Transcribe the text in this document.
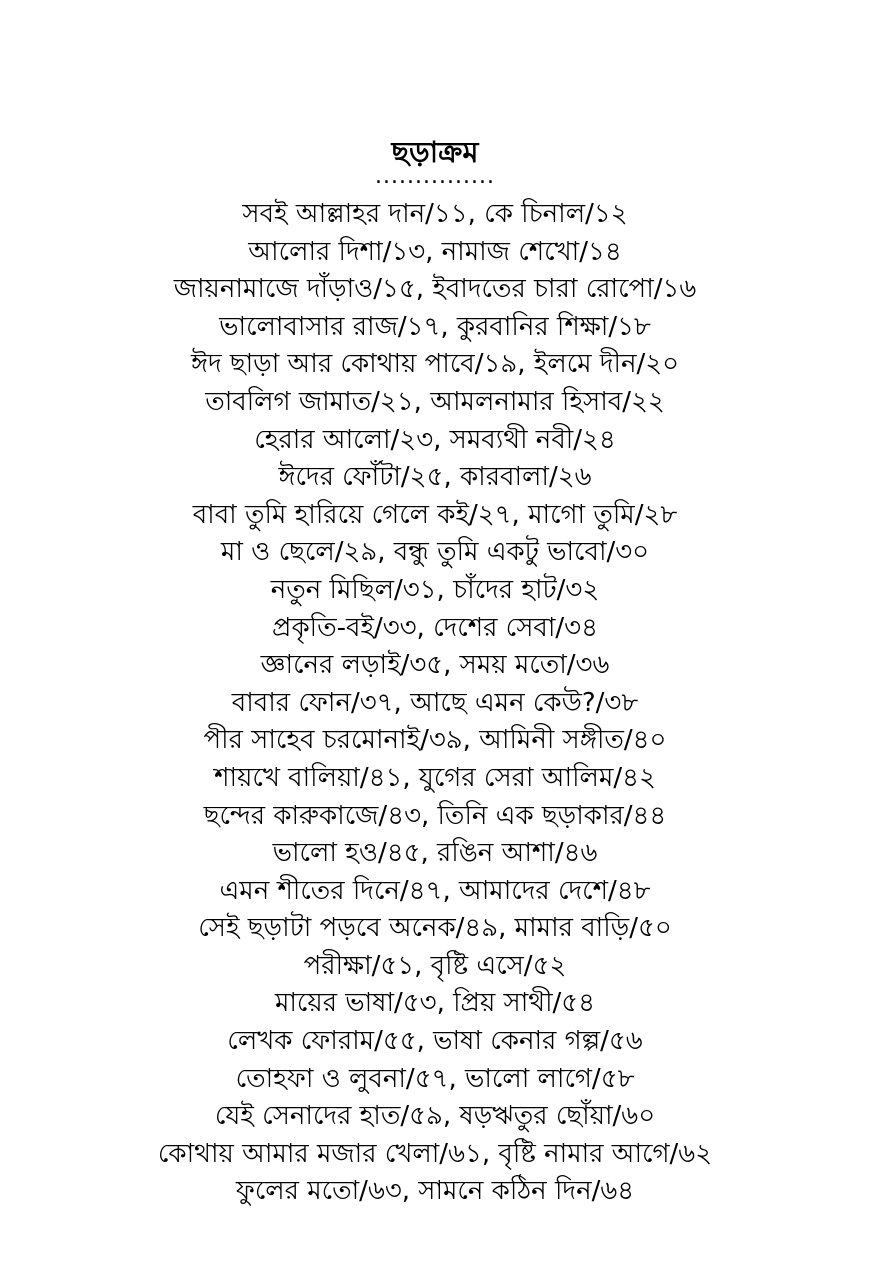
ছড়াক্রম
...............
সবই আল্লাহর দান/১১, কে চিনাল/১২
আলোর দিশা/১৩, নামাজ শেখো/১৪
জায়নামাজে দাঁড়াও/১৫, ইবাদতের চারা রোপো/১৬
ভালোবাসার রাজ/১৭, কুরবানির শিক্ষা/১৮
ঈদ ছাড়া আর কোথায় পাবে/১৯, ইলমে দীন/২০
তাবলিগ জামাত/২১, আমলনামার হিসাব/২২
হেরার আলো/২৩, সমব্যথী নবী/২৪
ঈদের ফোঁটা/২৫, কারবালা/২৬
বাবা তুমি হারিয়ে গেলে কই/২৭, মাগো তুমি/২৮
মা ও ছেলে/২৯, বন্ধু তুমি একটু ভাবো/৩০
নতুন মিছিল/৩১, চাঁদের হাট/৩২
প্রকৃতি-বই/৩৩, দেশের সেবা/৩৪
জ্ঞানের লড়াই/৩৫, সময় মতো/৩৬
বাবার ফোন/৩৭, আছে এমন কেউ?/৩৮
পীর সাহেব চরমোনাই/৩৯, আমিনী সঙ্গীত/৪০
শায়খে বালিয়া/৪১, যুগের সেরা আলিম/৪২
ছন্দের কারুকাজে/৪৩, তিনি এক ছড়াকার/৪৪
ভালো হও/৪৫, রঙিন আশা/৪৬
এমন শীতের দিনে/৪৭, আমাদের দেশে/৪৮
সেই ছড়াটা পড়বে অনেক/৪৯, মামার বাড়ি/৫০
পরীক্ষা/৫১, বৃষ্টি এসে/৫২
মায়ের ভাষা/৫৩, প্রিয় সাথী/৫৪
লেখক ফোরাম/৫৫, ভাষা কেনার গল্প/৫৬
তোহফা ও লুবনা/৫৭, ভালো লাগে/৫৮
যেই সেনাদের হাত/৫৯, ষড়ঋতুর ছোঁয়া/৬০
কোথায় আমার মজার খেলা/৬১, বৃষ্টি নামার আগে/৬২
ফুলের মতো/৬৩, সামনে কঠিন দিন/৬৪
